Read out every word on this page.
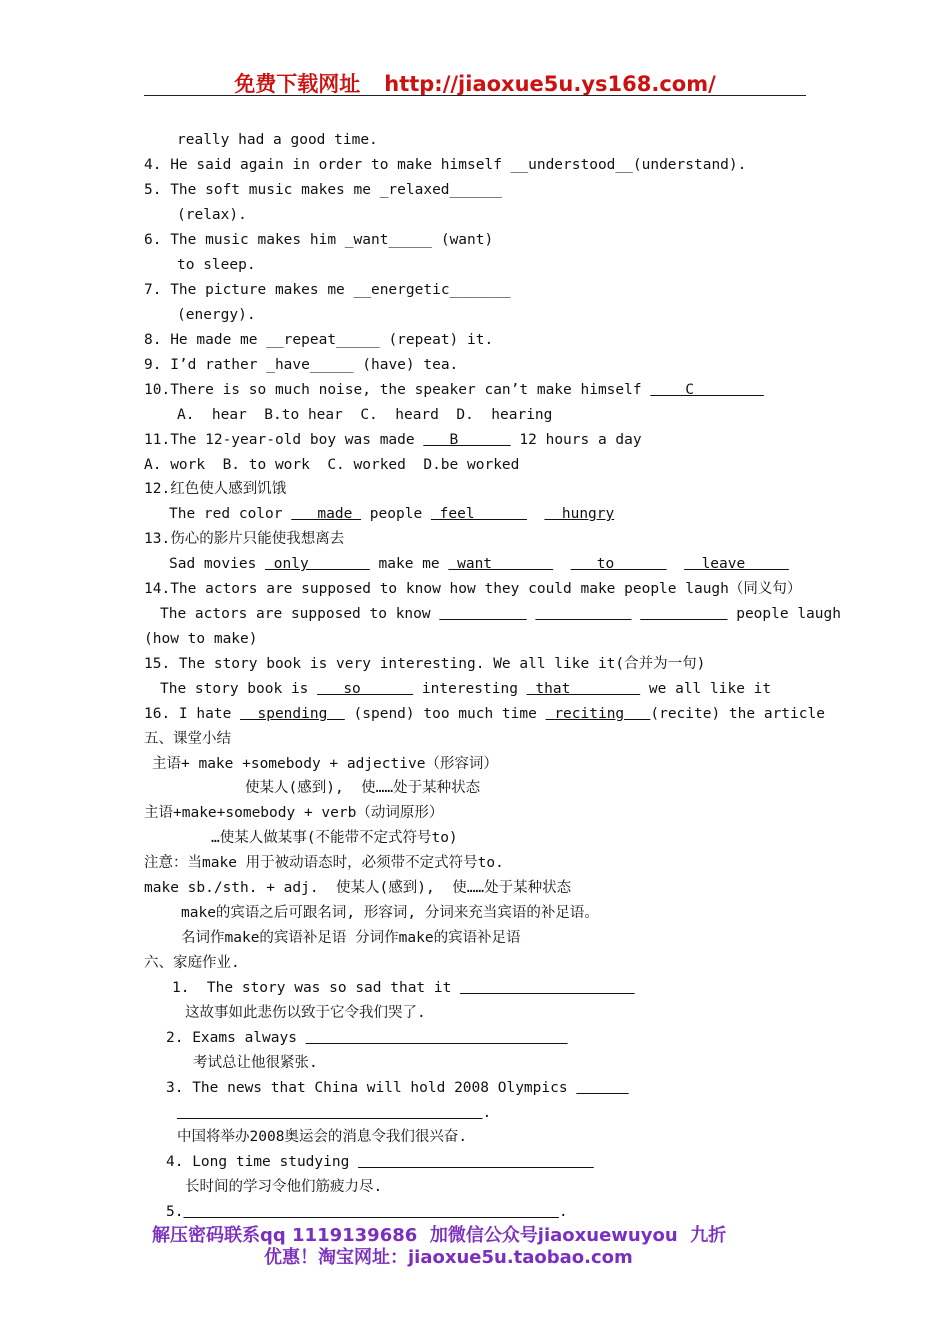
免费下载网址 http://jiaoxue5u.ys168.com/
really had a good time.
4. He said again in order to make himself __understood__(understand).
5. The soft music makes me _relaxed______
(relax).
6. The music makes him _want_____ (want)
to sleep.
7. The picture makes me __energetic_______
(energy).
8. He made me __repeat_____ (repeat) it.
9. I’d rather _have_____ (have) tea.
10.There is so much noise, the speaker can’t make himself     C
A.  hear  B.to hear  C.  heard  D.  hearing
11.The 12-year-old boy was made    B       12 hours a day
A. work  B. to work  C. worked  D.be worked
12.红色使人感到饥饿
The red color    made  people  feel          hungry
13.伤心的影片只能使我想离去
Sad movies  only        make me  want            to          leave
14.The actors are supposed to know how they could make people laugh（同义句）
The actors are supposed to know	people laugh
(how to make)
15. The story book is very interesting. We all like it(合并为一句)
The story book is    so       interesting  that         we all like it
16. I hate   spending   (spend) too much time  reciting   (recite) the article
五、课堂小结
主语+ make +somebody + adjective（形容词）
使某人(感到),  使……处于某种状态
主语+make+somebody + verb（动词原形）
…使某人做某事(不能带不定式符号to)
注意：当make 用于被动语态时，必须带不定式符号to.
make sb./sth. + adj.  使某人(感到),  使……处于某种状态
make的宾语之后可跟名词, 形容词, 分词来充当宾语的补足语。
名词作make的宾语补足语 分词作make的宾语补足语
六、家庭作业.
1.  The story was so sad that it
这故事如此悲伤以致于它令我们哭了.
2. Exams always
考试总让他很紧张.
3. The news that China will hold 2008 Olympics
.
中国将举办2008奥运会的消息令我们很兴奋.
4. Long time studying
长时间的学习令他们筋疲力尽.
5.	.
解压密码联系qq 1119139686  加微信公众号jiaoxuewuyou  九折
优惠！淘宝网址：jiaoxue5u.taobao.com
